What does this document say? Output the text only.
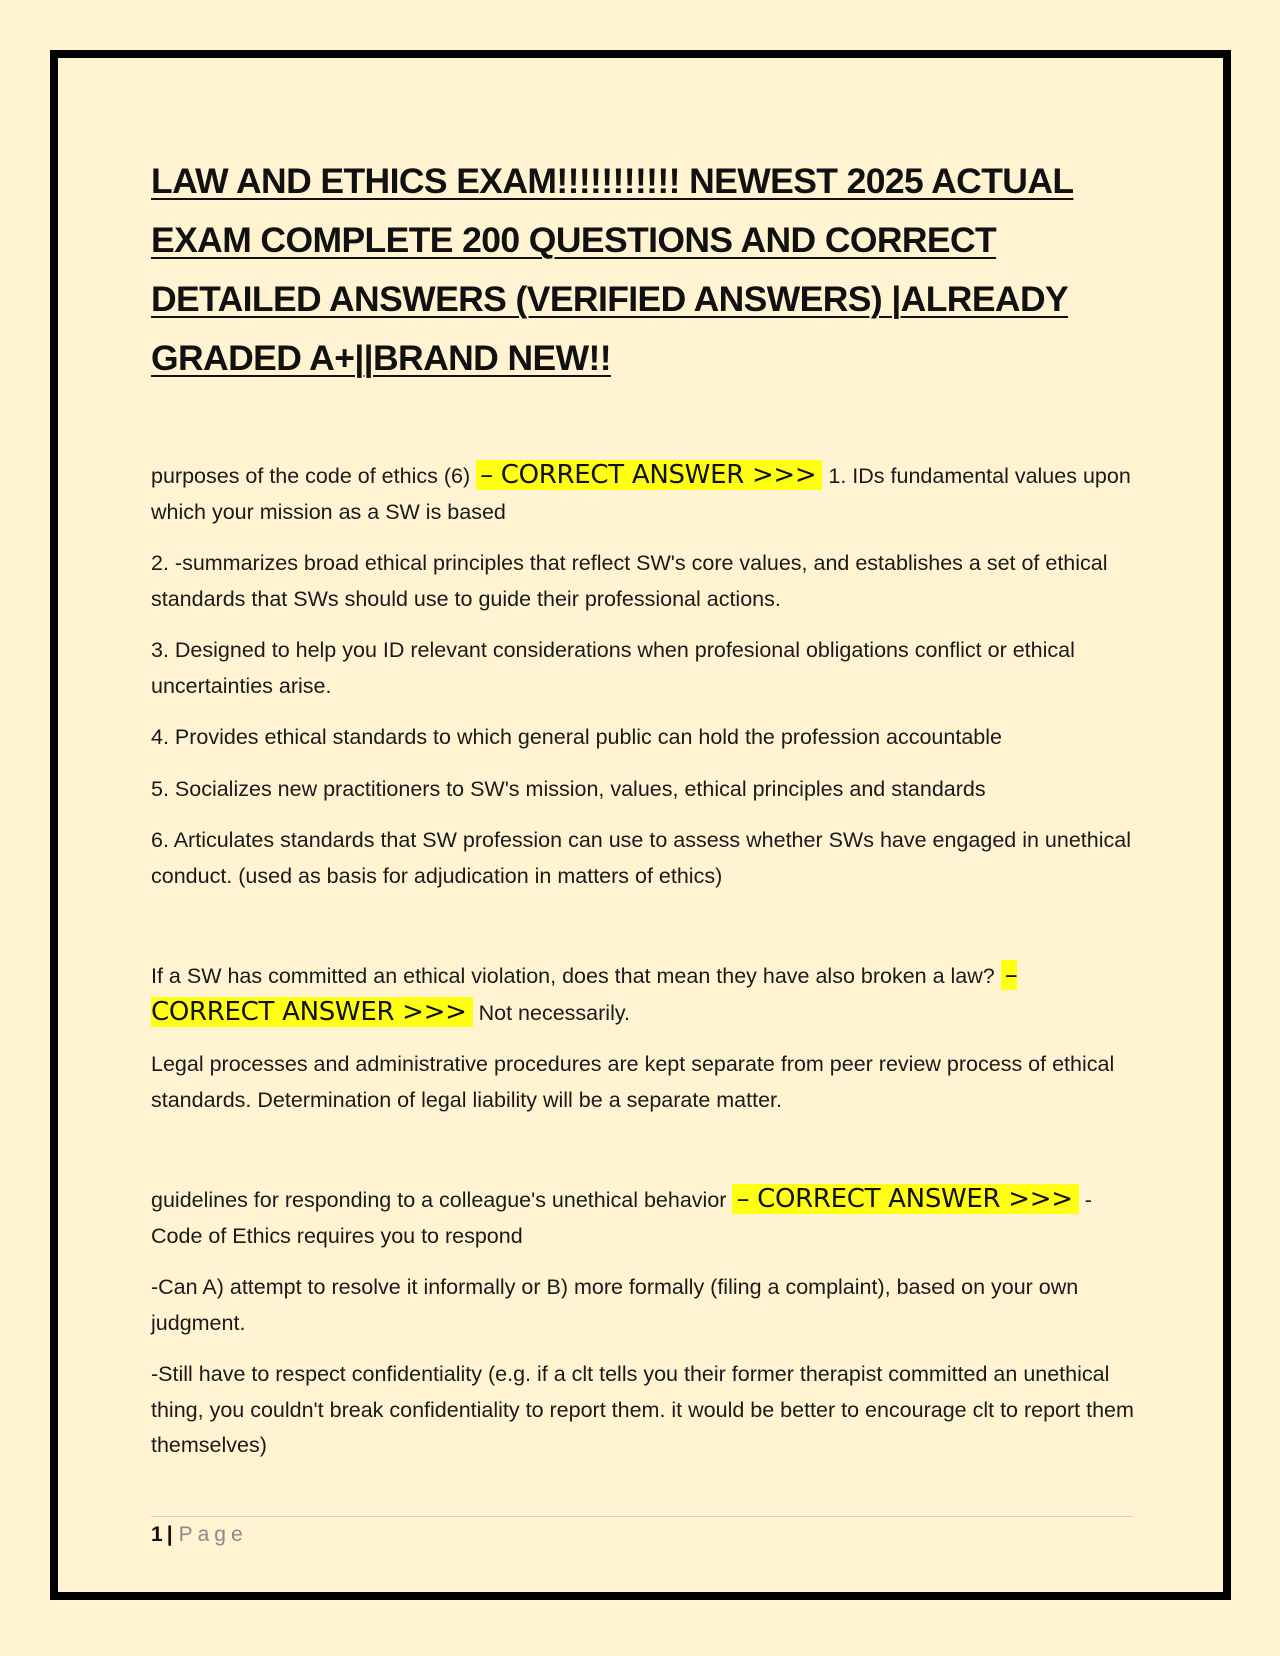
LAW AND ETHICS EXAM!!!!!!!!!!! NEWEST 2025 ACTUAL
EXAM COMPLETE 200 QUESTIONS AND CORRECT
DETAILED ANSWERS (VERIFIED ANSWERS) |ALREADY
GRADED A+||BRAND NEW!!

purposes of the code of ethics (6) – CORRECT ANSWER >>> 1. IDs fundamental values upon which your mission as a SW is based

2. -summarizes broad ethical principles that reflect SW's core values, and establishes a set of ethical standards that SWs should use to guide their professional actions.

3. Designed to help you ID relevant considerations when profesional obligations conflict or ethical uncertainties arise.

4. Provides ethical standards to which general public can hold the profession accountable

5. Socializes new practitioners to SW's mission, values, ethical principles and standards

6. Articulates standards that SW profession can use to assess whether SWs have engaged in unethical conduct. (used as basis for adjudication in matters of ethics)

If a SW has committed an ethical violation, does that mean they have also broken a law? – CORRECT ANSWER >>> Not necessarily.

Legal processes and administrative procedures are kept separate from peer review process of ethical standards. Determination of legal liability will be a separate matter.

guidelines for responding to a colleague's unethical behavior – CORRECT ANSWER >>> -Code of Ethics requires you to respond

-Can A) attempt to resolve it informally or B) more formally (filing a complaint), based on your own judgment.

-Still have to respect confidentiality (e.g. if a clt tells you their former therapist committed an unethical thing, you couldn't break confidentiality to report them. it would be better to encourage clt to report them themselves)

1 | Page
